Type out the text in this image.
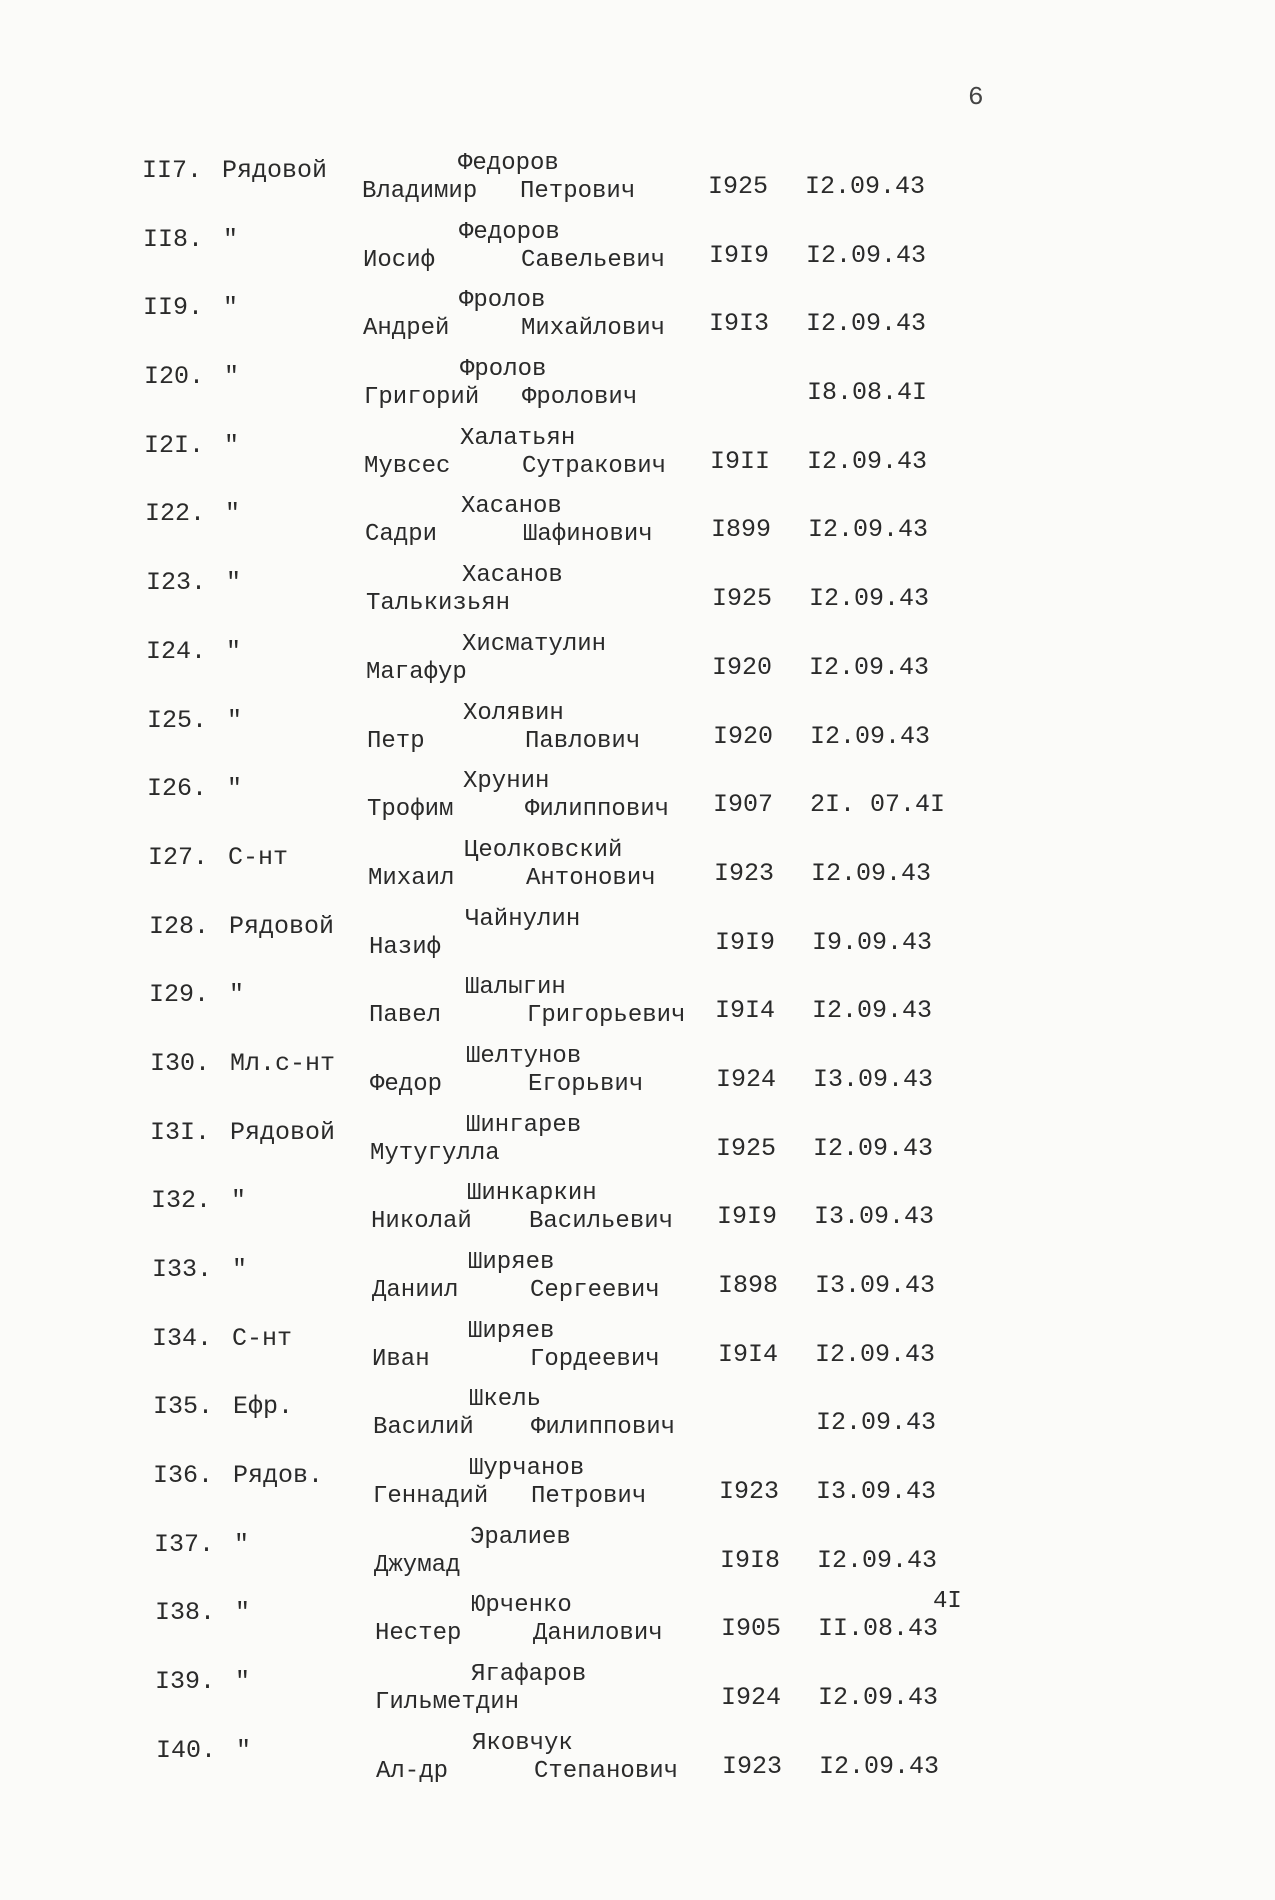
6
II7. Рядовой	Федоров
Владимир Петрович	I925 I2.09.43
II8. "	Федоров
Иосиф	Савельевич I9I9 I2.09.43
II9. "	Фролов
Андрей	Михайлович I9I3 I2.09.43
I20. "	Фролов
Григорий Фролович	I8.08.4I
I2I. "	Халатьян
Мувсес	Сутракович I9II I2.09.43
I22. "	Хасанов
Садри	Шафинович I899 I2.09.43
I23. "	Хасанов
Талькизьян	I925 I2.09.43
I24. "	Хисматулин
Магафур	I920 I2.09.43
I25. "	Холявин
Петр	Павлович	I920 I2.09.43
I26. "	Хрунин
Трофим	Филиппович I907 2I. 07.4I
I27. С-нт	Цеолковский
Михаил	Антонович I923 I2.09.43
I28. Рядовой	Чайнулин
Назиф	I9I9 I9.09.43
I29. "	Шалыгин
Павел	Григорьевич I9I4 I2.09.43
I30. Мл.с-нт	Шелтунов
Федор	Егорьвич	I924 I3.09.43
I3I. Рядовой	Шингарев
Мутугулла	I925 I2.09.43
I32. "	Шинкаркин
Николай Васильевич I9I9 I3.09.43
I33. "	Ширяев
Даниил	Сергеевич I898 I3.09.43
I34. С-нт	Ширяев
Иван	Гордеевич I9I4 I2.09.43
I35. Ефр.	Шкель
Василий Филиппович	I2.09.43
I36. Рядов.	Шурчанов
Геннадий Петрович	I923 I3.09.43
I37. "	Эралиев
Джумад	I9I8 I2.09.43
I38. "	Юрченко
Нестер	Данилович I905 II.08.43
4I
I39. "	Ягафаров
Гильметдин	I924 I2.09.43
I40. "	Яковчук
Ал-др	Степанович I923 I2.09.43
